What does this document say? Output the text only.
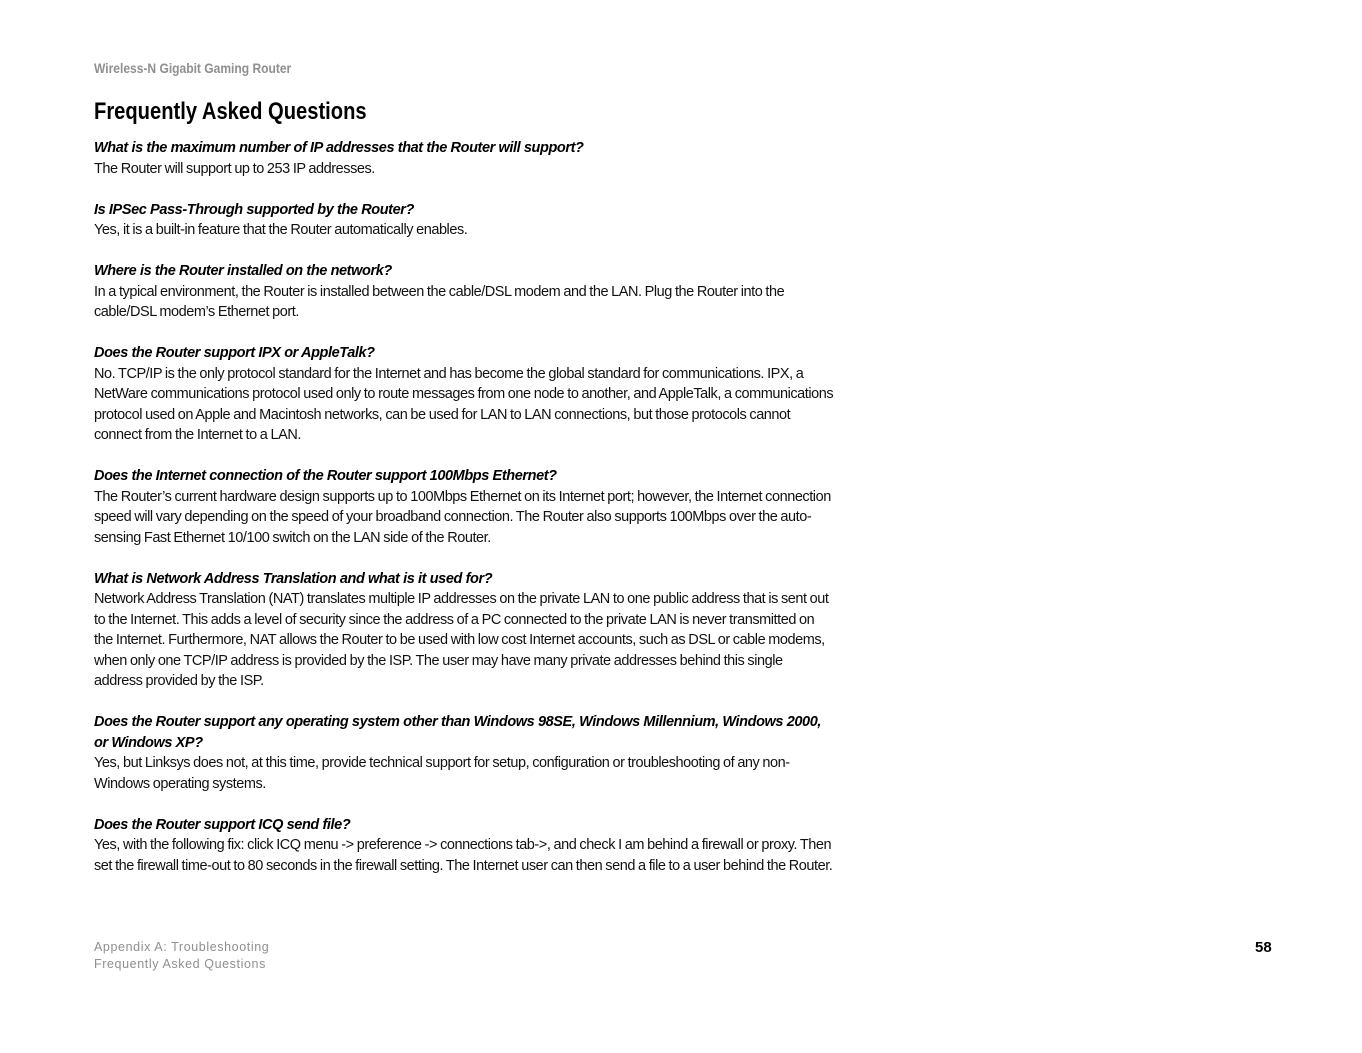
Wireless-N Gigabit Gaming Router
Frequently Asked Questions

What is the maximum number of IP addresses that the Router will support?

The Router will support up to 253 IP addresses.

Is IPSec Pass-Through supported by the Router?

Yes, it is a built-in feature that the Router automatically enables.

Where is the Router installed on the network?

In a typical environment, the Router is installed between the cable/DSL modem and the LAN. Plug the Router into the cable/DSL modem’s Ethernet port.

Does the Router support IPX or AppleTalk?

No. TCP/IP is the only protocol standard for the Internet and has become the global standard for communications. IPX, a NetWare communications protocol used only to route messages from one node to another, and AppleTalk, a communications protocol used on Apple and Macintosh networks, can be used for LAN to LAN connections, but those protocols cannot connect from the Internet to a LAN.

Does the Internet connection of the Router support 100Mbps Ethernet?

The Router’s current hardware design supports up to 100Mbps Ethernet on its Internet port; however, the Internet connection speed will vary depending on the speed of your broadband connection. The Router also supports 100Mbps over the auto-sensing Fast Ethernet 10/100 switch on the LAN side of the Router.

What is Network Address Translation and what is it used for?

Network Address Translation (NAT) translates multiple IP addresses on the private LAN to one public address that is sent out to the Internet. This adds a level of security since the address of a PC connected to the private LAN is never transmitted on the Internet. Furthermore, NAT allows the Router to be used with low cost Internet accounts, such as DSL or cable modems, when only one TCP/IP address is provided by the ISP. The user may have many private addresses behind this single address provided by the ISP.

Does the Router support any operating system other than Windows 98SE, Windows Millennium, Windows 2000, or Windows XP?

Yes, but Linksys does not, at this time, provide technical support for setup, configuration or troubleshooting of any non-Windows operating systems.

Does the Router support ICQ send file?

Yes, with the following fix: click ICQ menu -> preference -> connections tab->, and check I am behind a firewall or proxy. Then set the firewall time-out to 80 seconds in the firewall setting. The Internet user can then send a file to a user behind the Router.

Appendix A: Troubleshooting
Frequently Asked Questions
58
